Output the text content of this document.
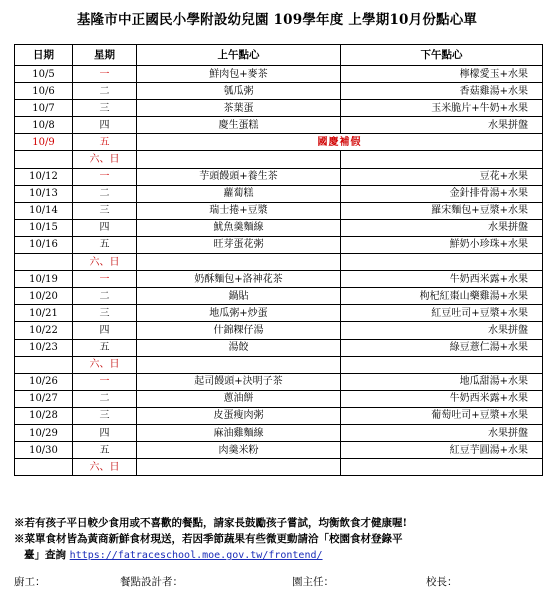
基隆市中正國民小學附設幼兒園 109學年度 上學期10月份點心單
日期	星期	上午點心	下午點心
10/5	一	鮮肉包+麥茶	檸檬愛玉+水果
10/6	二	瓠瓜粥	香菇雞湯+水果
10/7	三	茶葉蛋	玉米脆片+牛奶+水果
10/8	四	慶生蛋糕	水果拼盤
10/9	五	國慶補假	
	六、日		
10/12	一	芋頭饅頭+養生茶	豆花+水果
10/13	二	蘿蔔糕	金針排骨湯+水果
10/14	三	瑞士捲+豆漿	羅宋麵包+豆漿+水果
10/15	四	魷魚羹麵線	水果拼盤
10/16	五	旺芽蛋花粥	鮮奶小珍珠+水果
	六、日		
10/19	一	奶酥麵包+洛神花茶	牛奶西米露+水果
10/20	二	鍋貼	枸杞紅棗山藥雞湯+水果
10/21	三	地瓜粥+炒蛋	紅豆吐司+豆漿+水果
10/22	四	什錦粿仔湯	水果拼盤
10/23	五	湯餃	綠豆薏仁湯+水果
	六、日		
10/26	一	起司饅頭+決明子茶	地瓜甜湯+水果
10/27	二	蔥油餅	牛奶西米露+水果
10/28	三	皮蛋瘦肉粥	葡萄吐司+豆漿+水果
10/29	四	麻油雞麵線	水果拼盤
10/30	五	肉羹米粉	紅豆芋圓湯+水果
	六、日		
※若有孩子平日較少食用或不喜歡的餐點，請家長鼓勵孩子嘗試，均衡飲食才健康喔!
※菜單食材皆為黃商新鮮食材現送，若因季節蔬果有些微更動請洽「校園食材登錄平
臺」查詢 https://fatraceschool.moe.gov.tw/frontend/
廚工：	餐點設計者：	園主任：	校長：
